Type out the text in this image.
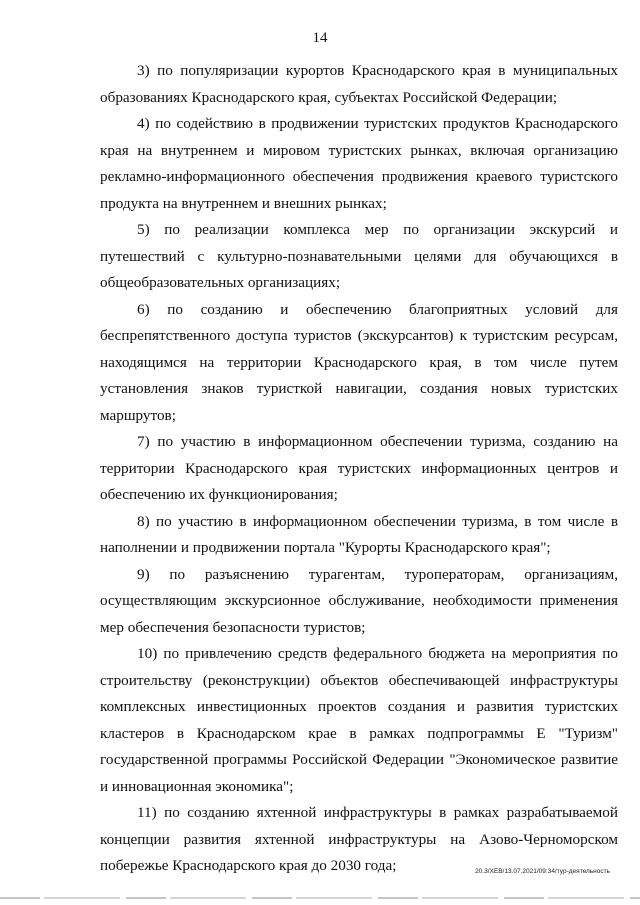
14

3) по популяризации курортов Краснодарского края в муниципальных образованиях Краснодарского края, субъектах Российской Федерации;

4) по содействию в продвижении туристских продуктов Краснодарского края на внутреннем и мировом туристских рынках, включая организацию рекламно-информационного обеспечения продвижения краевого туристского продукта на внутреннем и внешних рынках;

5) по реализации комплекса мер по организации экскурсий и путешествий с культурно-познавательными целями для обучающихся в общеобразовательных организациях;

6) по созданию и обеспечению благоприятных условий для беспрепятственного доступа туристов (экскурсантов) к туристским ресурсам, находящимся на территории Краснодарского края, в том числе путем установления знаков туристкой навигации, создания новых туристских маршрутов;

7) по участию в информационном обеспечении туризма, созданию на территории Краснодарского края туристских информационных центров и обеспечению их функционирования;

8) по участию в информационном обеспечении туризма, в том числе в наполнении и продвижении портала "Курорты Краснодарского края";

9) по разъяснению турагентам, туроператорам, организациям, осуществляющим экскурсионное обслуживание, необходимости применения мер обеспечения безопасности туристов;

10) по привлечению средств федерального бюджета на мероприятия по строительству (реконструкции) объектов обеспечивающей инфраструктуры комплексных инвестиционных проектов создания и развития туристских кластеров в Краснодарском крае в рамках подпрограммы Е "Туризм" государственной программы Российской Федерации "Экономическое развитие и инновационная экономика";

11) по созданию яхтенной инфраструктуры в рамках разрабатываемой концепции развития яхтенной инфраструктуры на Азово-Черноморском побережье Краснодарского края до 2030 года;	20.3/ХЕВ/13.07.2021/09:34/тур-деятельность
